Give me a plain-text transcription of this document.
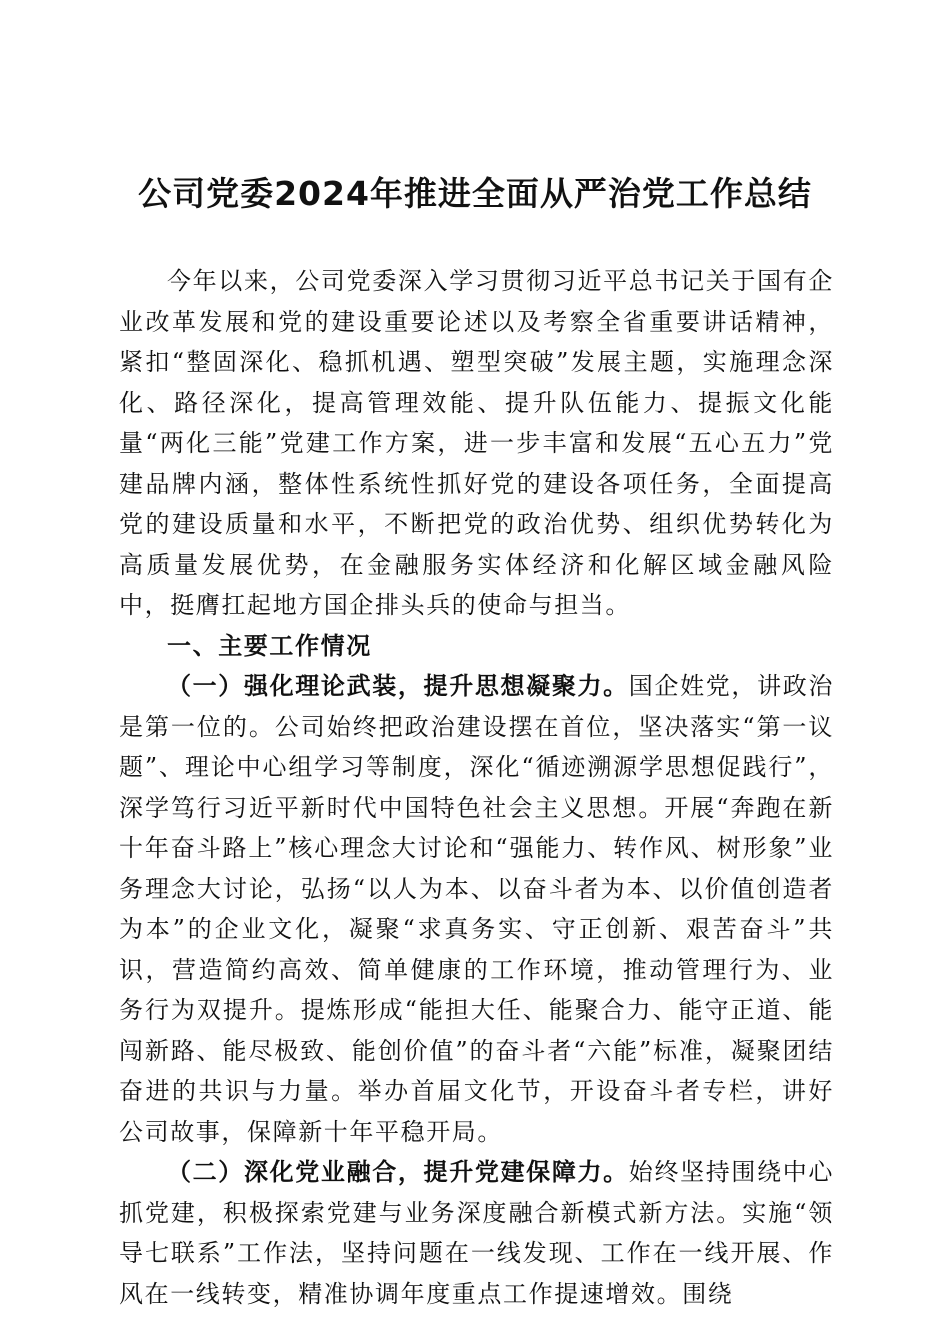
公司党委2024年推进全面从严治党工作总结

今年以来，公司党委深入学习贯彻习近平总书记关于国有企业改革发展和党的建设重要论述以及考察全省重要讲话精神，紧扣“整固深化、稳抓机遇、塑型突破”发展主题，实施理念深化、路径深化，提高管理效能、提升队伍能力、提振文化能量“两化三能”党建工作方案，进一步丰富和发展“五心五力”党建品牌内涵，整体性系统性抓好党的建设各项任务，全面提高党的建设质量和水平，不断把党的政治优势、组织优势转化为高质量发展优势，在金融服务实体经济和化解区域金融风险中，挺膺扛起地方国企排头兵的使命与担当。

一、主要工作情况

（一）强化理论武装，提升思想凝聚力。国企姓党，讲政治是第一位的。公司始终把政治建设摆在首位，坚决落实“第一议题”、理论中心组学习等制度，深化“循迹溯源学思想促践行”，深学笃行习近平新时代中国特色社会主义思想。开展“奔跑在新十年奋斗路上”核心理念大讨论和“强能力、转作风、树形象”业务理念大讨论，弘扬“以人为本、以奋斗者为本、以价值创造者为本”的企业文化，凝聚“求真务实、守正创新、艰苦奋斗”共识，营造简约高效、简单健康的工作环境，推动管理行为、业务行为双提升。提炼形成“能担大任、能聚合力、能守正道、能闯新路、能尽极致、能创价值”的奋斗者“六能”标准，凝聚团结奋进的共识与力量。举办首届文化节，开设奋斗者专栏，讲好公司故事，保障新十年平稳开局。

（二）深化党业融合，提升党建保障力。始终坚持围绕中心抓党建，积极探索党建与业务深度融合新模式新方法。实施“领导七联系”工作法，坚持问题在一线发现、工作在一线开展、作风在一线转变，精准协调年度重点工作提速增效。围绕
